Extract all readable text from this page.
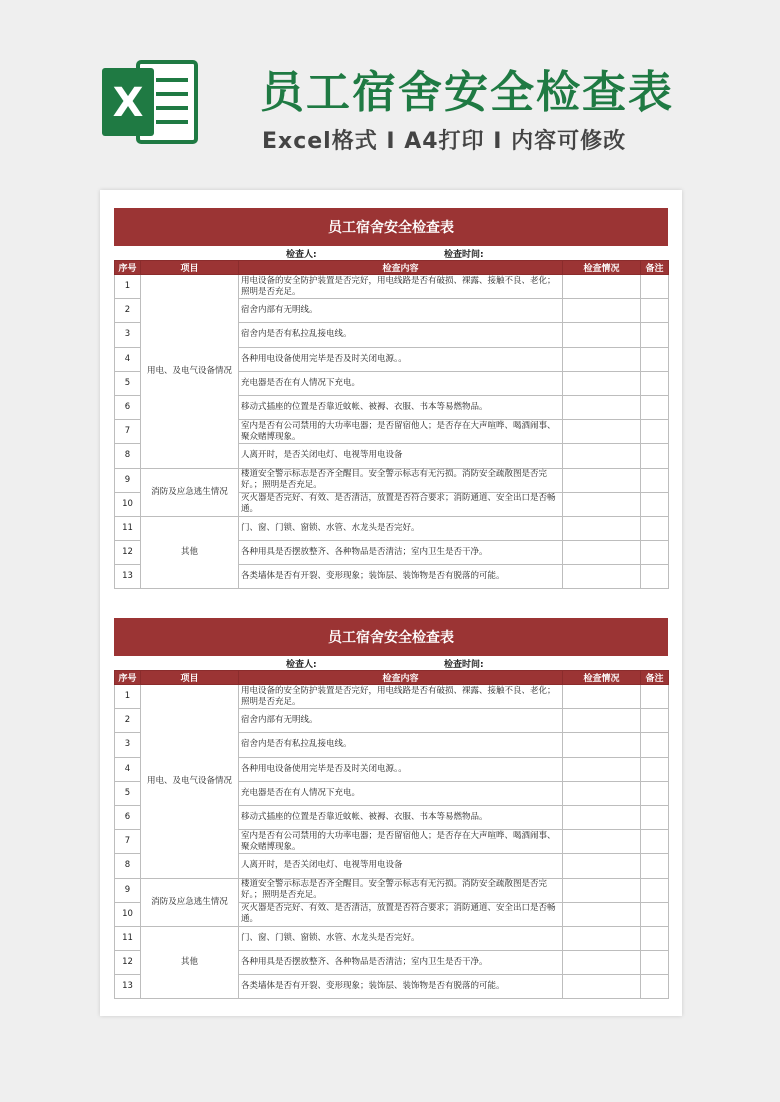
X	员工宿舍安全检查表
Excel格式 I A4打印 I 内容可修改
员工宿舍安全检查表
检查人:	检查时间:
序号	项目	检查内容	检查情况	备注
1	用电、及电气设备情况	用电设备的安全防护装置是否完好，用电线路是否有破损、裸露、接触不良、老化；照明是否充足。		
2		宿舍内部有无明线。		
3		宿舍内是否有私拉乱接电线。		
4		各种用电设备使用完毕是否及时关闭电源。。		
5		充电器是否在有人情况下充电。		
6		移动式插座的位置是否靠近蚊帐、被褥、衣服、书本等易燃物品。		
7		室内是否有公司禁用的大功率电器；是否留宿他人；是否存在大声喧哗、喝酒闹事、聚众赌博现象。		
8		人离开时，是否关闭电灯、电视等用电设备		
9	消防及应急逃生情况	楼道安全警示标志是否齐全醒目。安全警示标志有无污损。消防安全疏散图是否完好。；照明是否充足。		
10		灭火器是否完好、有效、是否清洁，放置是否符合要求；消防通道、安全出口是否畅通。		
11	其他	门、窗、门锁、窗锁、水管、水龙头是否完好。		
12		各种用具是否摆放整齐、各种物品是否清洁；室内卫生是否干净。		
13		各类墙体是否有开裂、变形现象；装饰层、装饰物是否有脱落的可能。		
员工宿舍安全检查表
检查人:	检查时间:
序号	项目	检查内容	检查情况	备注
1	用电、及电气设备情况	用电设备的安全防护装置是否完好，用电线路是否有破损、裸露、接触不良、老化；照明是否充足。		
2		宿舍内部有无明线。		
3		宿舍内是否有私拉乱接电线。		
4		各种用电设备使用完毕是否及时关闭电源。。		
5		充电器是否在有人情况下充电。		
6		移动式插座的位置是否靠近蚊帐、被褥、衣服、书本等易燃物品。		
7		室内是否有公司禁用的大功率电器；是否留宿他人；是否存在大声喧哗、喝酒闹事、聚众赌博现象。		
8		人离开时，是否关闭电灯、电视等用电设备		
9	消防及应急逃生情况	楼道安全警示标志是否齐全醒目。安全警示标志有无污损。消防安全疏散图是否完好。；照明是否充足。		
10		灭火器是否完好、有效、是否清洁，放置是否符合要求；消防通道、安全出口是否畅通。		
11	其他	门、窗、门锁、窗锁、水管、水龙头是否完好。		
12		各种用具是否摆放整齐、各种物品是否清洁；室内卫生是否干净。		
13		各类墙体是否有开裂、变形现象；装饰层、装饰物是否有脱落的可能。		
